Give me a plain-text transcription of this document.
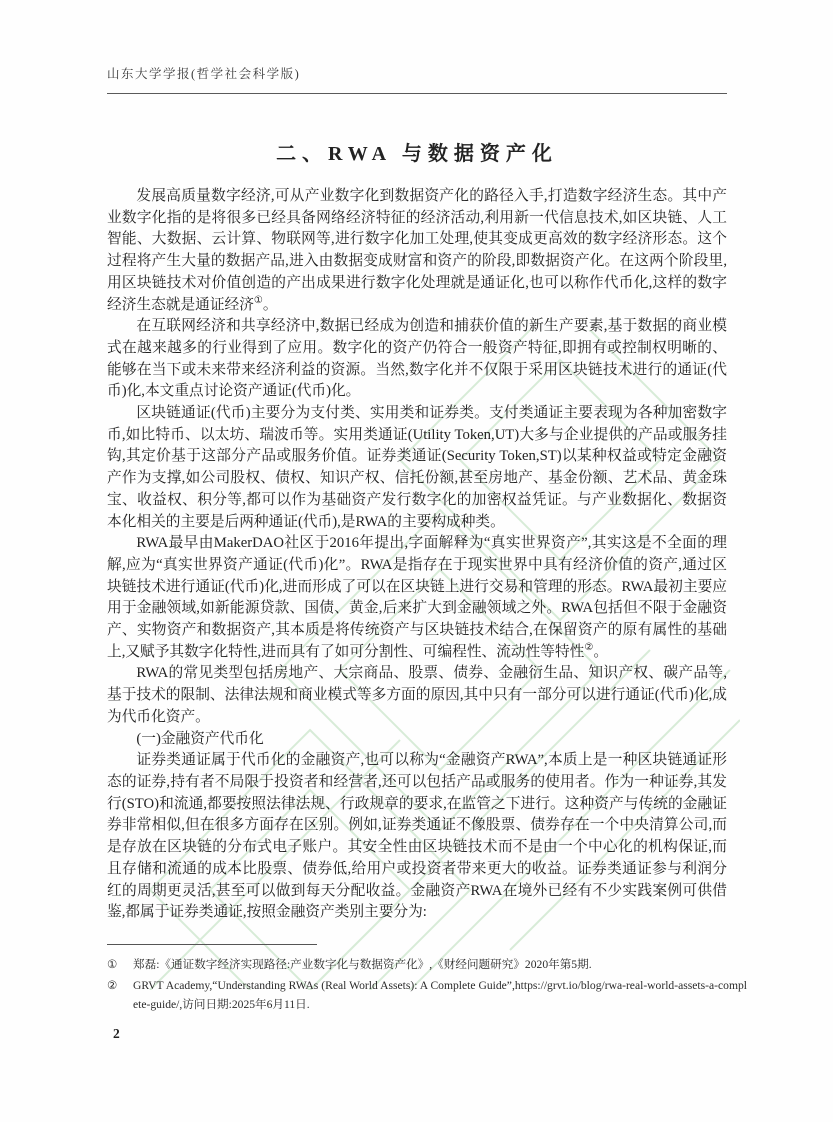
山东大学学报(哲学社会科学版)
二、RWA 与数据资产化

发展高质量数字经济,可从产业数字化到数据资产化的路径入手,打造数字经济生态。其中产业数字化指的是将很多已经具备网络经济特征的经济活动,利用新一代信息技术,如区块链、人工智能、大数据、云计算、物联网等,进行数字化加工处理,使其变成更高效的数字经济形态。这个过程将产生大量的数据产品,进入由数据变成财富和资产的阶段,即数据资产化。在这两个阶段里,用区块链技术对价值创造的产出成果进行数字化处理就是通证化,也可以称作代币化,这样的数字经济生态就是通证经济①。

在互联网经济和共享经济中,数据已经成为创造和捕获价值的新生产要素,基于数据的商业模式在越来越多的行业得到了应用。数字化的资产仍符合一般资产特征,即拥有或控制权明晰的、能够在当下或未来带来经济利益的资源。当然,数字化并不仅限于采用区块链技术进行的通证(代币)化,本文重点讨论资产通证(代币)化。

区块链通证(代币)主要分为支付类、实用类和证券类。支付类通证主要表现为各种加密数字币,如比特币、以太坊、瑞波币等。实用类通证(Utility Token,UT)大多与企业提供的产品或服务挂钩,其定价基于这部分产品或服务价值。证券类通证(Security Token,ST)以某种权益或特定金融资产作为支撑,如公司股权、债权、知识产权、信托份额,甚至房地产、基金份额、艺术品、黄金珠宝、收益权、积分等,都可以作为基础资产发行数字化的加密权益凭证。与产业数据化、数据资本化相关的主要是后两种通证(代币),是RWA的主要构成种类。

RWA最早由MakerDAO社区于2016年提出,字面解释为“真实世界资产”,其实这是不全面的理解,应为“真实世界资产通证(代币)化”。RWA是指存在于现实世界中具有经济价值的资产,通过区块链技术进行通证(代币)化,进而形成了可以在区块链上进行交易和管理的形态。RWA最初主要应用于金融领域,如新能源贷款、国债、黄金,后来扩大到金融领域之外。RWA包括但不限于金融资产、实物资产和数据资产,其本质是将传统资产与区块链技术结合,在保留资产的原有属性的基础上,又赋予其数字化特性,进而具有了如可分割性、可编程性、流动性等特性②。

RWA的常见类型包括房地产、大宗商品、股票、债券、金融衍生品、知识产权、碳产品等,基于技术的限制、法律法规和商业模式等多方面的原因,其中只有一部分可以进行通证(代币)化,成为代币化资产。

(一)金融资产代币化

证券类通证属于代币化的金融资产,也可以称为“金融资产RWA”,本质上是一种区块链通证形态的证券,持有者不局限于投资者和经营者,还可以包括产品或服务的使用者。作为一种证券,其发行(STO)和流通,都要按照法律法规、行政规章的要求,在监管之下进行。这种资产与传统的金融证券非常相似,但在很多方面存在区别。例如,证券类通证不像股票、债券存在一个中央清算公司,而是存放在区块链的分布式电子账户。其安全性由区块链技术而不是由一个中心化的机构保证,而且存储和流通的成本比股票、债券低,给用户或投资者带来更大的收益。证券类通证参与利润分红的周期更灵活,甚至可以做到每天分配收益。金融资产RWA在境外已经有不少实践案例可供借鉴,都属于证券类通证,按照金融资产类别主要分为:

①	郑磊:《通证数字经济实现路径:产业数字化与数据资产化》,《财经问题研究》2020年第5期.
②	GRVT Academy,“Understanding RWAs (Real World Assets): A Complete Guide”,https://grvt.io/blog/rwa-real-world-assets-a-complete-guide/,访问日期:2025年6月11日.
2
